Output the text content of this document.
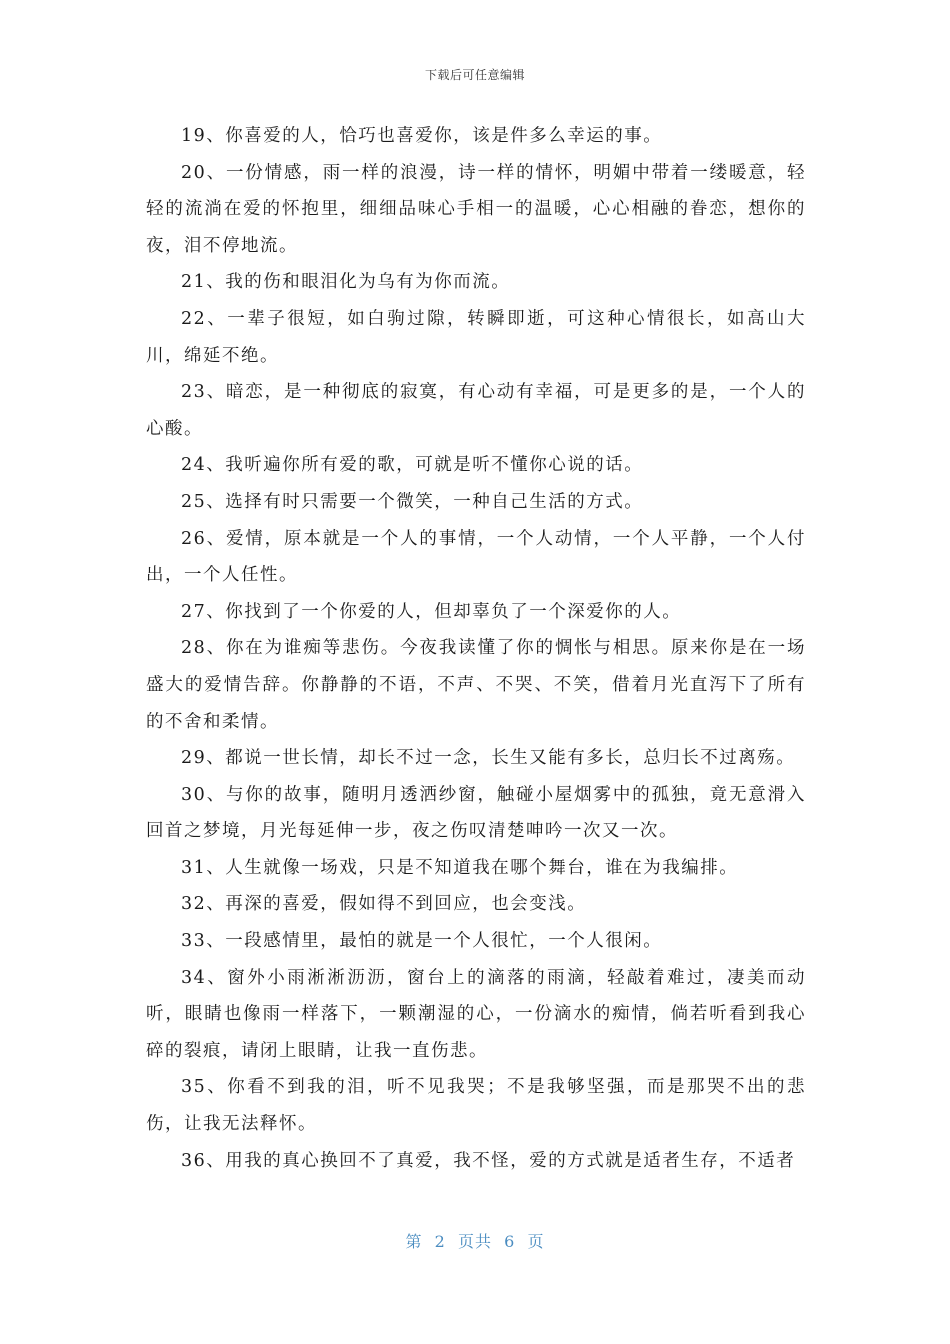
下载后可任意编辑

19、你喜爱的人，恰巧也喜爱你，该是件多么幸运的事。

20、一份情感，雨一样的浪漫，诗一样的情怀，明媚中带着一缕暖意，轻轻的流淌在爱的怀抱里，细细品味心手相一的温暖，心心相融的眷恋，想你的夜，泪不停地流。

21、我的伤和眼泪化为乌有为你而流。

22、一辈子很短，如白驹过隙，转瞬即逝，可这种心情很长，如高山大川，绵延不绝。

23、暗恋，是一种彻底的寂寞，有心动有幸福，可是更多的是，一个人的心酸。

24、我听遍你所有爱的歌，可就是听不懂你心说的话。

25、选择有时只需要一个微笑，一种自己生活的方式。

26、爱情，原本就是一个人的事情，一个人动情，一个人平静，一个人付出，一个人任性。

27、你找到了一个你爱的人，但却辜负了一个深爱你的人。

28、你在为谁痴等悲伤。今夜我读懂了你的惆怅与相思。原来你是在一场盛大的爱情告辞。你静静的不语，不声、不哭、不笑，借着月光直泻下了所有的不舍和柔情。

29、都说一世长情，却长不过一念，长生又能有多长，总归长不过离殇。

30、与你的故事，随明月透洒纱窗，触碰小屋烟雾中的孤独，竟无意滑入回首之梦境，月光每延伸一步，夜之伤叹清楚呻吟一次又一次。

31、人生就像一场戏，只是不知道我在哪个舞台，谁在为我编排。

32、再深的喜爱，假如得不到回应，也会变浅。

33、一段感情里，最怕的就是一个人很忙，一个人很闲。

34、窗外小雨淅淅沥沥，窗台上的滴落的雨滴，轻敲着难过，凄美而动听，眼睛也像雨一样落下，一颗潮湿的心，一份滴水的痴情，倘若听看到我心碎的裂痕，请闭上眼睛，让我一直伤悲。

35、你看不到我的泪，听不见我哭；不是我够坚强，而是那哭不出的悲伤，让我无法释怀。

36、用我的真心换回不了真爱，我不怪，爱的方式就是适者生存，不适者

第  2  页共  6  页
